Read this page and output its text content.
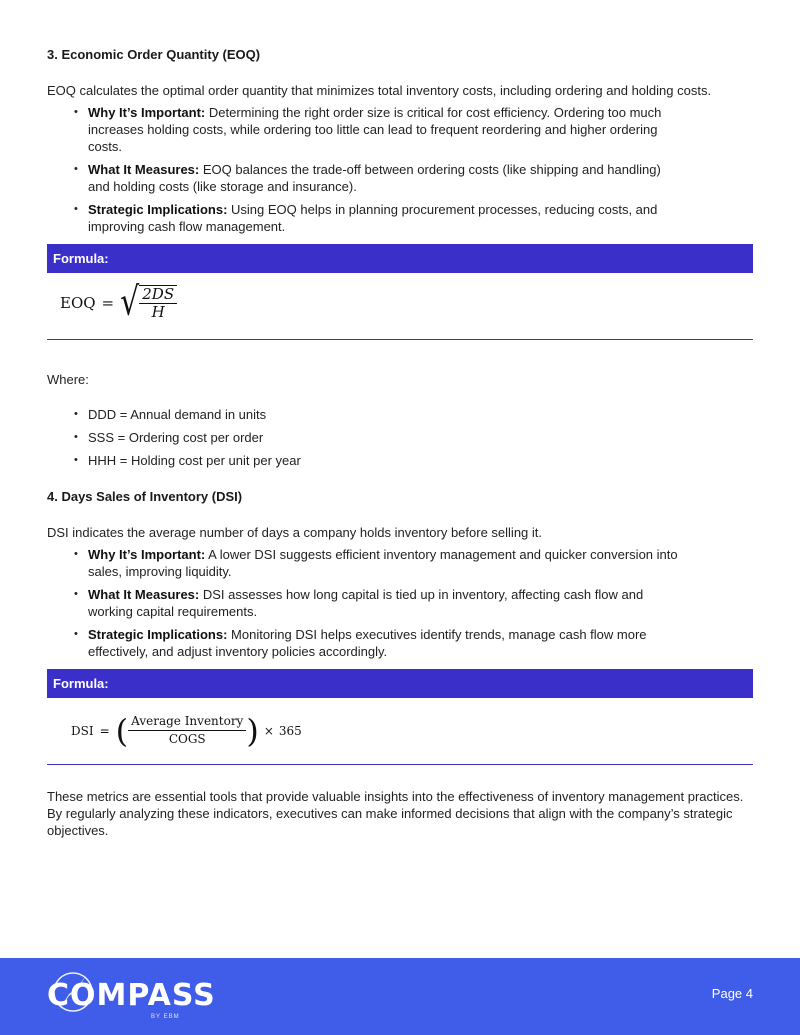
3. Economic Order Quantity (EOQ)
EOQ calculates the optimal order quantity that minimizes total inventory costs, including ordering and holding costs.
• Why It’s Important: Determining the right order size is critical for cost efficiency. Ordering too much increases holding costs, while ordering too little can lead to frequent reordering and higher ordering costs.
• What It Measures: EOQ balances the trade-off between ordering costs (like shipping and handling) and holding costs (like storage and insurance).
• Strategic Implications: Using EOQ helps in planning procurement processes, reducing costs, and improving cash flow management.
Formula:
EOQ = √ $\frac{2DS}{H}$
Where:
• DDD = Annual demand in units
• SSS = Ordering cost per order
• HHH = Holding cost per unit per year
4. Days Sales of Inventory (DSI)
DSI indicates the average number of days a company holds inventory before selling it.
• Why It’s Important: A lower DSI suggests efficient inventory management and quicker conversion into sales, improving liquidity.
• What It Measures: DSI assesses how long capital is tied up in inventory, affecting cash flow and working capital requirements.
• Strategic Implications: Monitoring DSI helps executives identify trends, manage cash flow more effectively, and adjust inventory policies accordingly.
Formula:
DSI = ( $\frac{\text{Average Inventory}}{\text{COGS}}$ ) × 365
These metrics are essential tools that provide valuable insights into the effectiveness of inventory management practices. By regularly analyzing these indicators, executives can make informed decisions that align with the company’s strategic objectives.
COMPASS
BY EBM
Page 4
